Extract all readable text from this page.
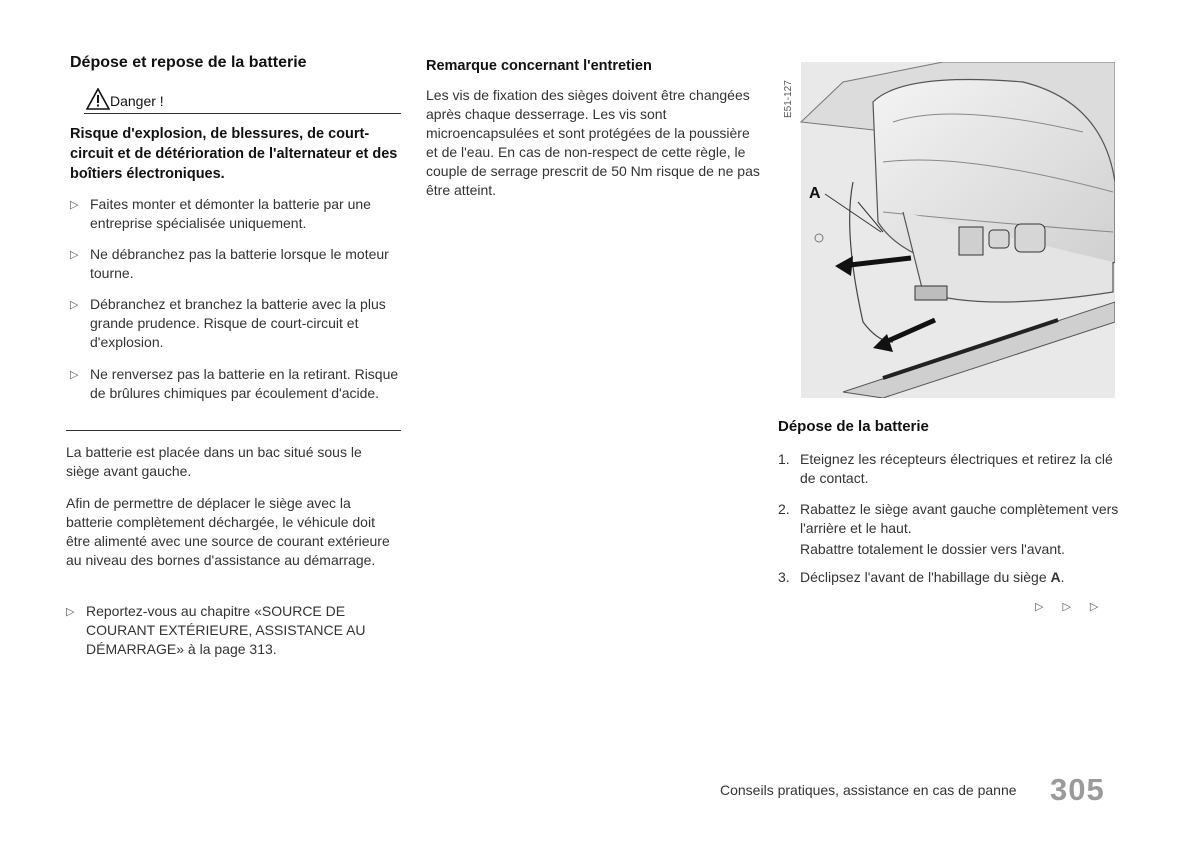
Dépose et repose de la batterie
Danger !
Risque d'explosion, de blessures, de court-circuit et de détérioration de l'alternateur et des boîtiers électroniques.
▷ Faites monter et démonter la batterie par une entreprise spécialisée uniquement.
▷ Ne débranchez pas la batterie lorsque le moteur tourne.
▷ Débranchez et branchez la batterie avec la plus grande prudence. Risque de court-circuit et d'explosion.
▷ Ne renversez pas la batterie en la retirant. Risque de brûlures chimiques par écoulement d'acide.
La batterie est placée dans un bac situé sous le siège avant gauche.
Afin de permettre de déplacer le siège avec la batterie complètement déchargée, le véhicule doit être alimenté avec une source de courant extérieure au niveau des bornes d'assistance au démarrage.
▷ Reportez-vous au chapitre «SOURCE DE COURANT EXTÉRIEURE, ASSISTANCE AU DÉMARRAGE» à la page 313.
Remarque concernant l'entretien
Les vis de fixation des sièges doivent être changées après chaque desserrage. Les vis sont microencapsulées et sont protégées de la poussière et de l'eau. En cas de non-respect de cette règle, le couple de serrage prescrit de 50 Nm risque de ne pas être atteint.
E51-127
A
Dépose de la batterie
1. Eteignez les récepteurs électriques et retirez la clé de contact.
2. Rabattez le siège avant gauche complètement vers l'arrière et le haut.
Rabattre totalement le dossier vers l'avant.
3. Déclipsez l'avant de l'habillage du siège A.
▷▷▷
Conseils pratiques, assistance en cas de panne 305
